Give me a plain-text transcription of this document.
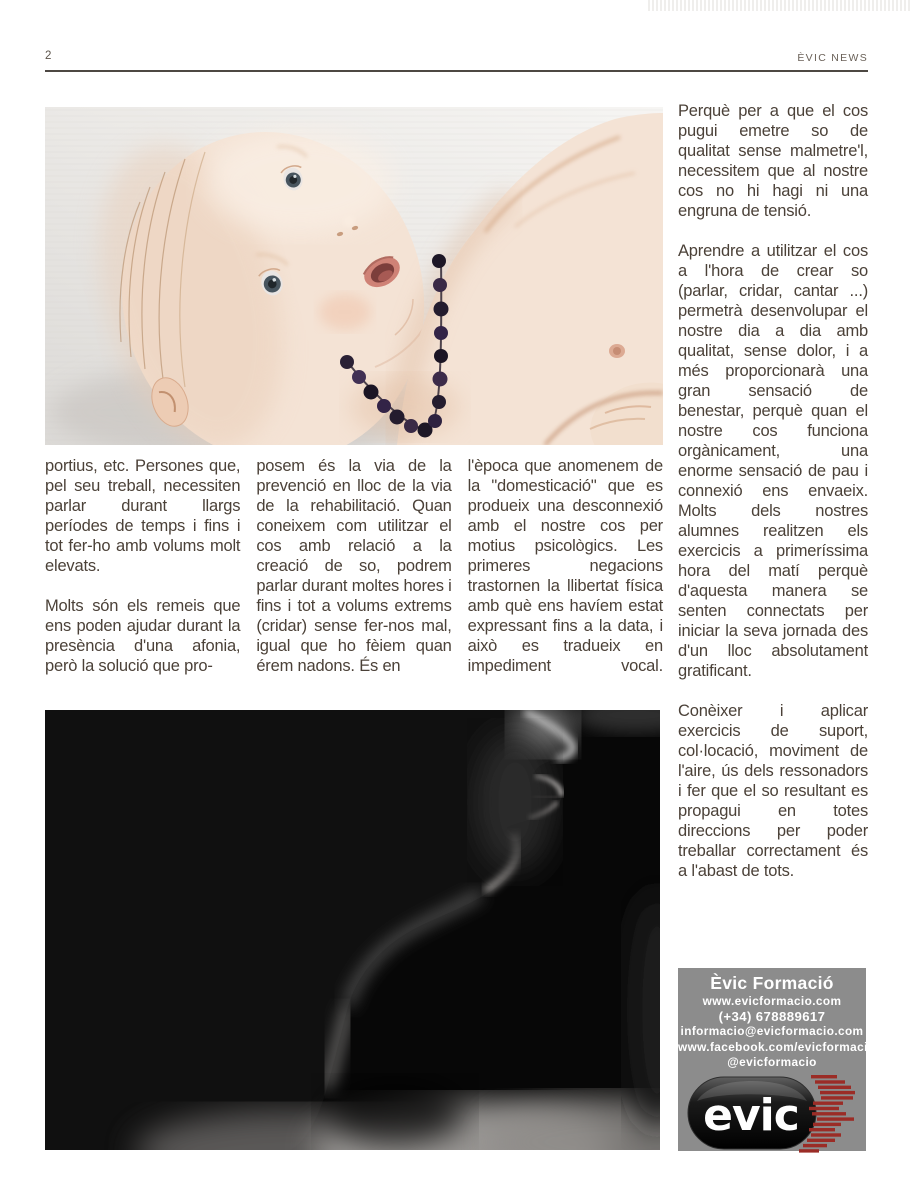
2	ÈVIC NEWS

portius, etc. Persones que, pel seu treball, necessiten parlar durant llargs períodes de temps i fins i tot fer-ho amb volums molt elevats.

Molts són els remeis que ens poden ajudar durant la presència d'una afonia, però la solució que pro-

posem és la via de la prevenció en lloc de la via de la rehabilitació. Quan coneixem com utilitzar el cos amb relació a la creació de so, podrem parlar durant moltes hores i fins i tot a volums extrems (cridar) sense fer-nos mal, igual que ho fèiem quan érem nadons. És en

l'època que anomenem de la "domesticació" que es produeix una desconnexió amb el nostre cos per motius psicològics. Les primeres negacions trastornen la llibertat física amb què ens havíem estat expressant fins a la data, i això es tradueix en impediment vocal.

Perquè per a que el cos pugui emetre so de qualitat sense malmetre'l, necessitem que al nostre cos no hi hagi ni una engruna de tensió.

Aprendre a utilitzar el cos a l'hora de crear so (parlar, cridar, cantar ...) permetrà desenvolupar el nostre dia a dia amb qualitat, sense dolor, i a més proporcionarà una gran sensació de benestar, perquè quan el nostre cos funciona orgànicament, una enorme sensació de pau i connexió ens envaeix. Molts dels nostres alumnes realitzen els exercicis a primeríssima hora del matí perquè d'aquesta manera se senten connectats per iniciar la seva jornada des d'un lloc absolutament gratificant.

Conèixer i aplicar exercicis de suport, col·locació, moviment de l'aire, ús dels ressonadors i fer que el so resultant es propagui en totes direccions per poder treballar correctament és a l'abast de tots.

Èvic Formació
www.evicformacio.com
(+34) 678889617
informacio@evicformacio.com
www.facebook.com/evicformacio
@evicformacio
evic
